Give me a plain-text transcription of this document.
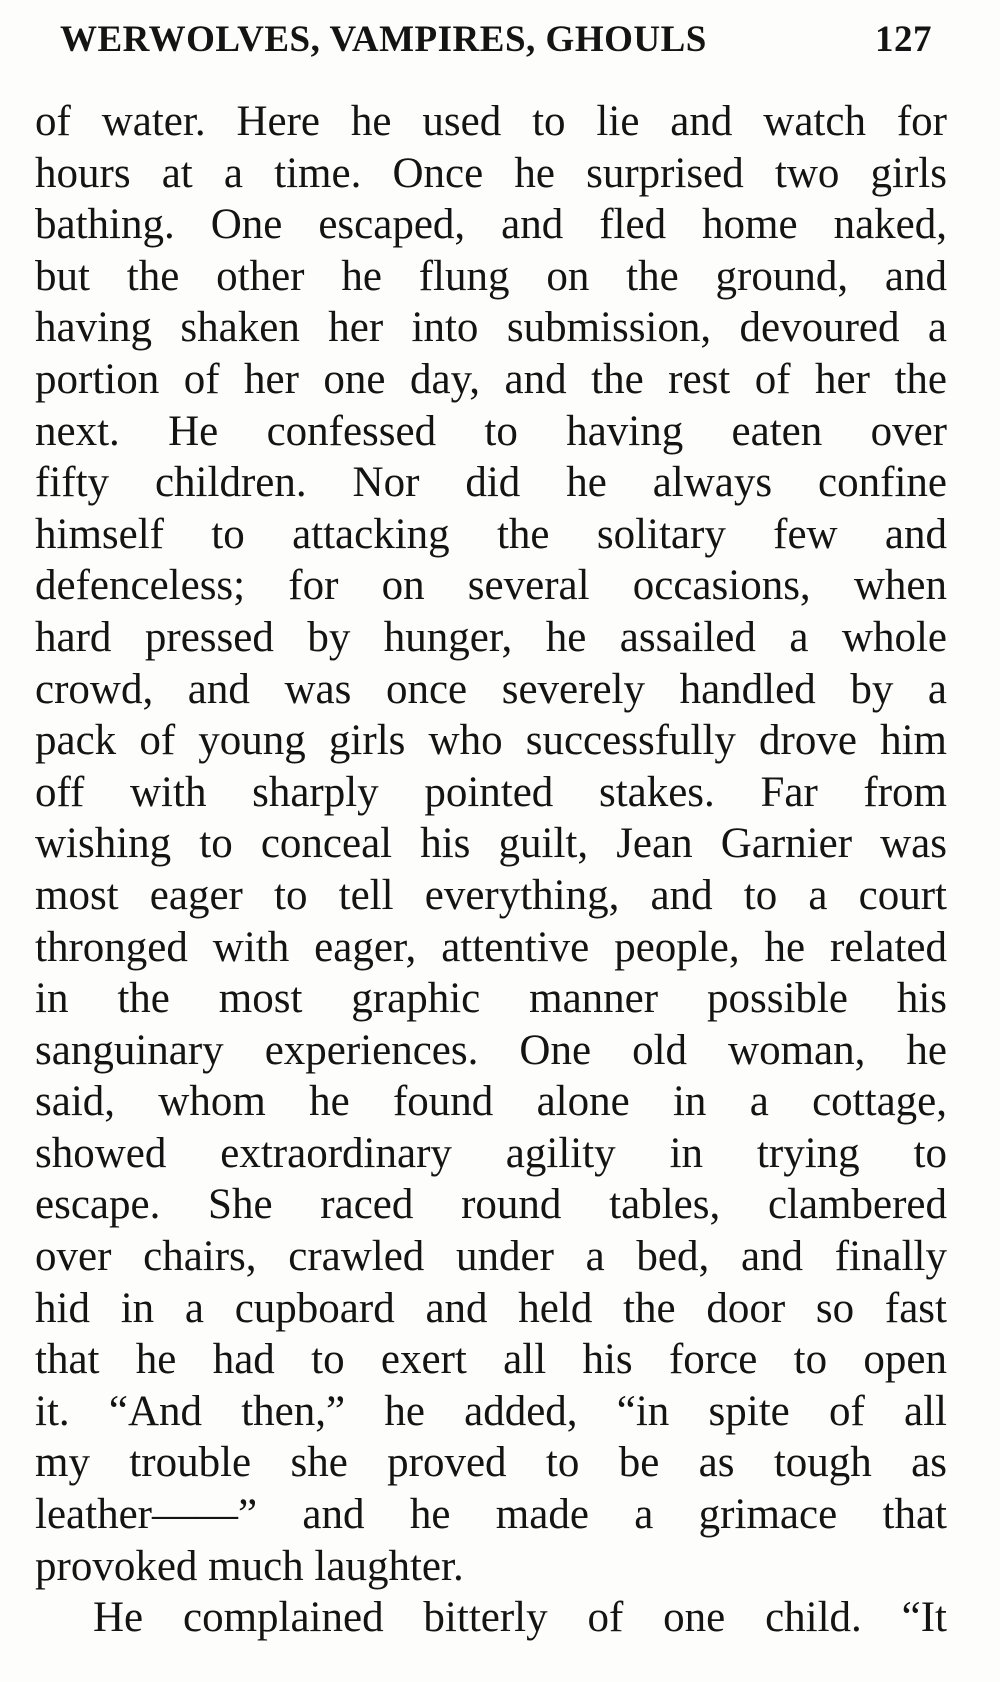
WERWOLVES, VAMPIRES, GHOULS	127
of water. Here he used to lie and watch for
hours at a time. Once he surprised two girls
bathing. One escaped, and fled home naked,
but the other he flung on the ground, and
having shaken her into submission, devoured a
portion of her one day, and the rest of her the
next. He confessed to having eaten over
fifty children. Nor did he always confine
himself to attacking the solitary few and
defenceless; for on several occasions, when
hard pressed by hunger, he assailed a whole
crowd, and was once severely handled by a
pack of young girls who successfully drove him
off with sharply pointed stakes. Far from
wishing to conceal his guilt, Jean Garnier was
most eager to tell everything, and to a court
thronged with eager, attentive people, he related
in the most graphic manner possible his
sanguinary experiences. One old woman, he
said, whom he found alone in a cottage,
showed extraordinary agility in trying to
escape. She raced round tables, clambered
over chairs, crawled under a bed, and finally
hid in a cupboard and held the door so fast
that he had to exert all his force to open
it. “And then,” he added, “in spite of all
my trouble she proved to be as tough as
leather——” and he made a grimace that
provoked much laughter.
He complained bitterly of one child. “It
